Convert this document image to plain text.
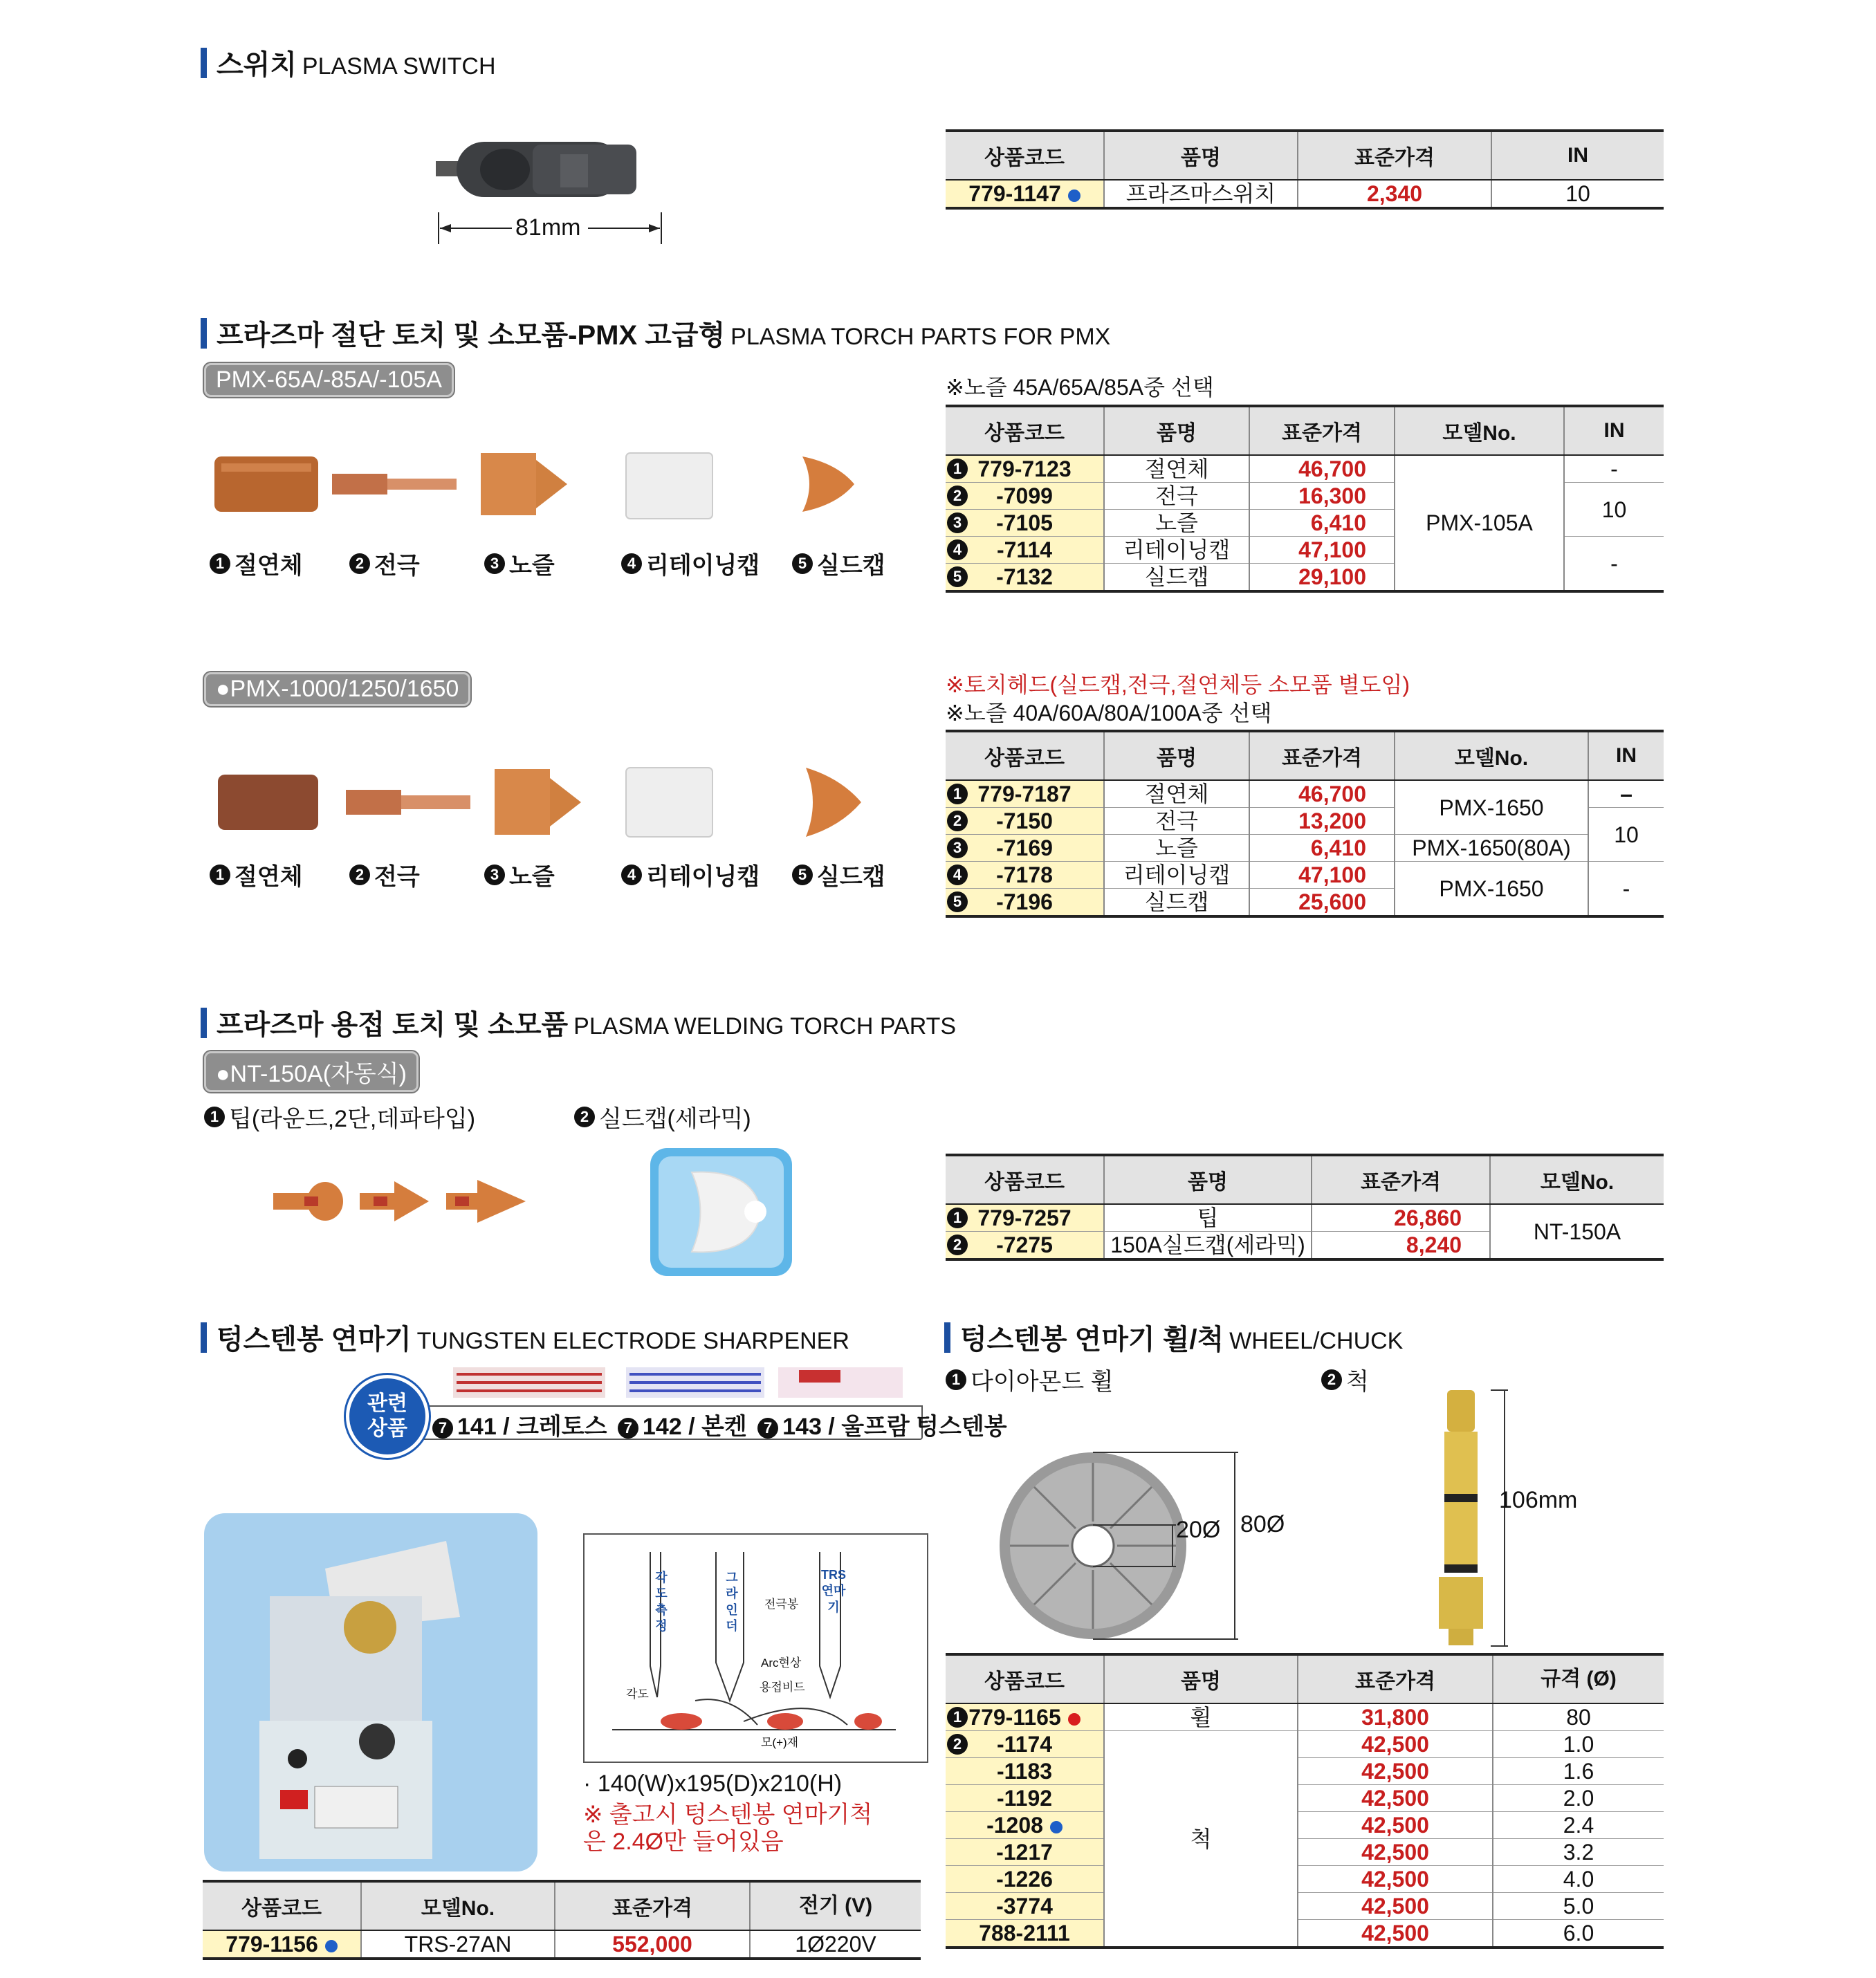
스위치 PLASMA SWITCH
81mm
상품코드	품명	표준가격	IN
779-1147	프라즈마스위치	2,340	10
프라즈마 절단 토치 및 소모품-PMX 고급형 PLASMA TORCH PARTS FOR PMX
PMX-65A/-85A/-105A	※노즐 45A/65A/85A중 선택
1 절연체	2 전극	3 노즐	4 리테이닝캡	5 실드캡
상품코드	품명	표준가격	모델No.	IN

1 779-7123	절연체	46,700	PMX-105A	-

2 -7099	전극	16,300		10

3 -7105	노즐	6,410		

4 -7114	리테이닝캡	47,100		-

5 -7132	실드캡	29,100		
●PMX-1000/1250/1650	※토치헤드(실드캡,전극,절연체등 소모품 별도임)
※노즐 40A/60A/80A/100A중 선택
1 절연체	2 전극	3 노즐	4 리테이닝캡	5 실드캡
상품코드	품명	표준가격	모델No.	IN

1 779-7187	절연체	46,700	PMX-1650	–

2 -7150	전극	13,200		10

3 -7169	노즐	6,410	PMX-1650(80A)	

4 -7178	리테이닝캡	47,100	PMX-1650	-

5 -7196	실드캡	25,600		
프라즈마 용접 토치 및 소모품 PLASMA WELDING TORCH PARTS
●NT-150A(자동식)
1 팁(라운드,2단,데파타입)	2 실드캡(세라믹)
상품코드	품명	표준가격	모델No.

1 779-7257	팁	26,860	NT-150A

2 -7275	150A실드캡(세라믹)	8,240	
텅스텐봉 연마기 TUNGSTEN ELECTRODE SHARPENER
관련 상품	7 141 / 크레토스 7 142 / 본켄 7 143 / 울프람 텅스텐봉
각도측정
그라인더
TRS연마기
전극봉
Arc현상
용접비드
각도
모(+)재
· 140(W)x195(D)x210(H)
※ 출고시 텅스텐봉 연마기척은 2.4Ø만 들어있음
상품코드	모델No.	표준가격	전기 (V)
779-1156	TRS-27AN	552,000	1Ø220V
텅스텐봉 연마기 휠/척 WHEEL/CHUCK
1 다이아몬드 휠	2 척
20Ø 80Ø
106mm
상품코드	품명	표준가격	규격 (Ø)

1 779-1165	휠	31,800	80

2 -1174	척	42,500	1.0
-1183		42,500	1.6
-1192		42,500	2.0
-1208		42,500	2.4
-1217		42,500	3.2
-1226		42,500	4.0
-3774		42,500	5.0
788-2111		42,500	6.0
